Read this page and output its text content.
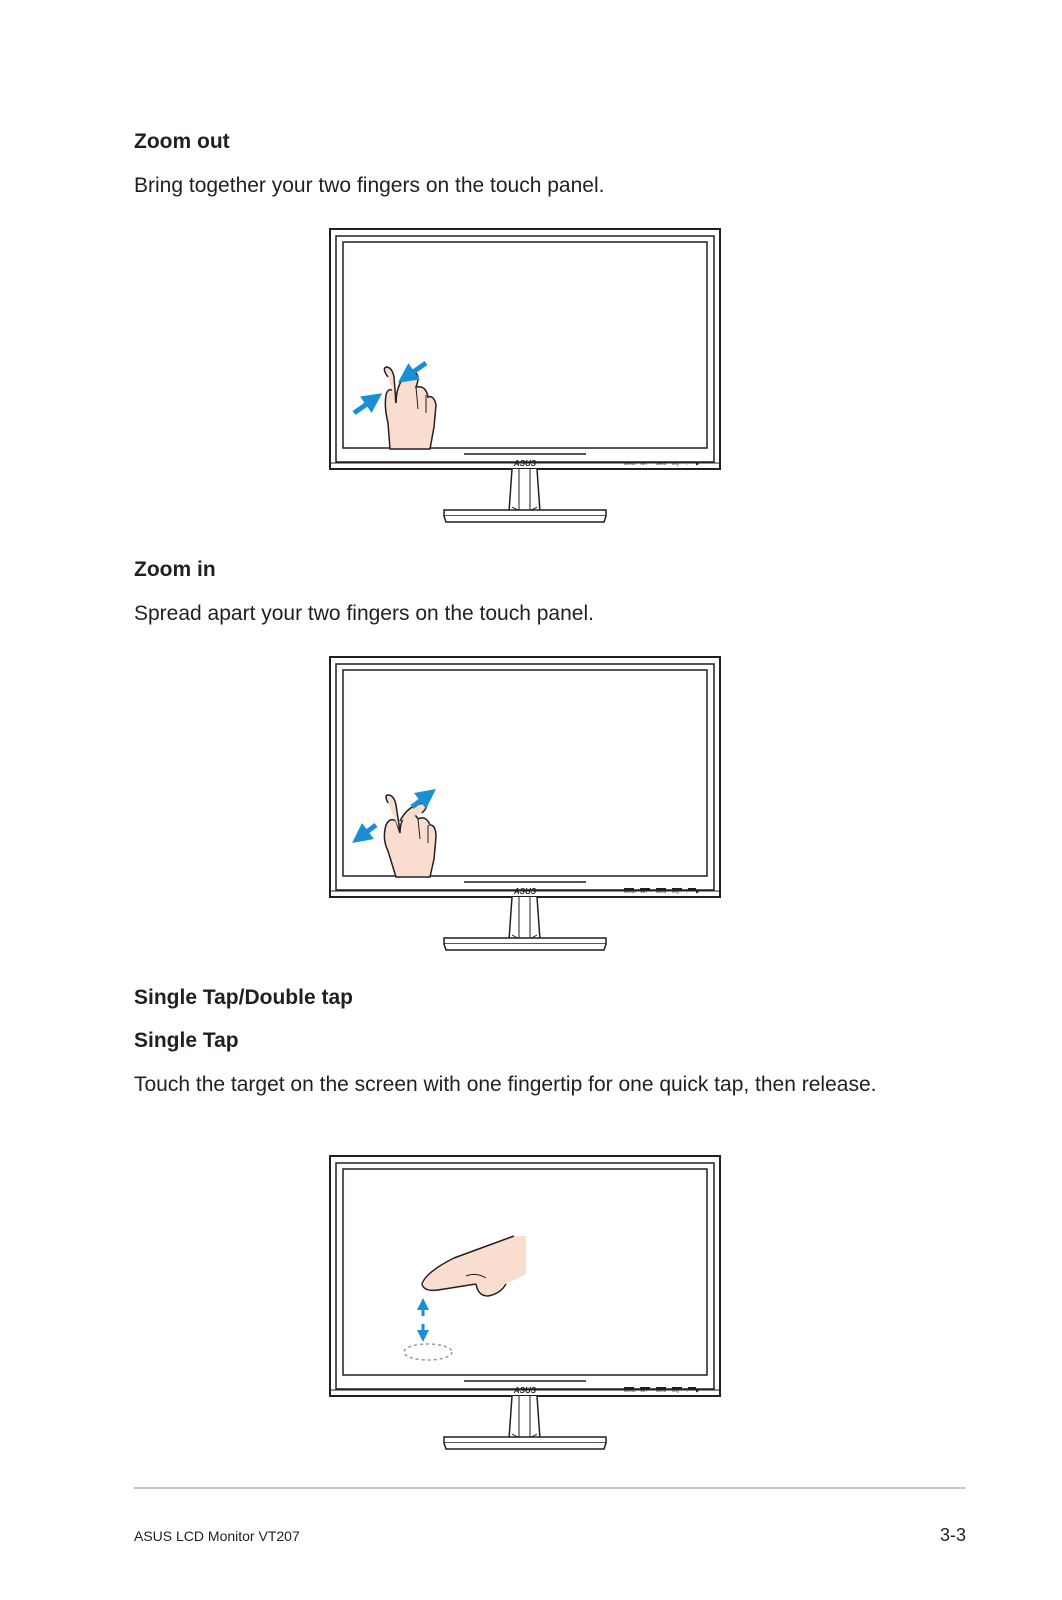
Zoom out

Bring together your two fingers on the touch panel.

ASUS	MENU SET Menu Img ○ ▶
Zoom in

Spread apart your two fingers on the touch panel.

ASUS	MENU SET Menu Img ○ ▶
Single Tap/Double tap
Single Tap

Touch the target on the screen with one fingertip for one quick tap, then release.

ASUS	MENU SET Menu Img ○ ▶
ASUS LCD Monitor VT207	3-3
